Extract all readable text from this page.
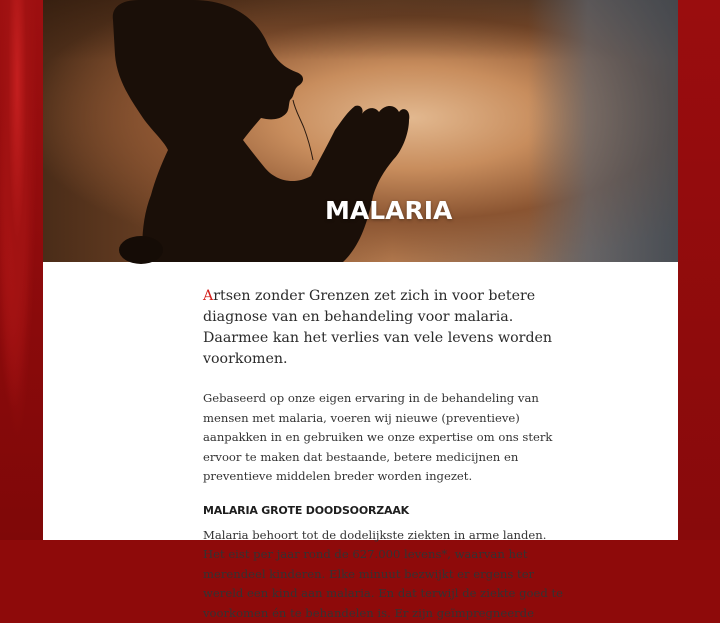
MALARIA

Artsen zonder Grenzen zet zich in voor betere diagnose van en behandeling voor malaria. Daarmee kan het verlies van vele levens worden voorkomen.

Gebaseerd op onze eigen ervaring in de behandeling van mensen met malaria, voeren wij nieuwe (preventieve) aanpakken in en gebruiken we onze expertise om ons sterk ervoor te maken dat bestaande, betere medicijnen en preventieve middelen breder worden ingezet.

MALARIA GROTE DOODSOORZAAK

Malaria behoort tot de dodelijkste ziekten in arme landen. Het eist per jaar rond de 627.000 levens*, waarvan het merendeel kinderen. Elke minuut bezwijkt er ergens ter wereld een kind aan malaria. En dat terwijl de ziekte goed te voorkomen én te behandelen is. Er zijn geïmpregneerde
